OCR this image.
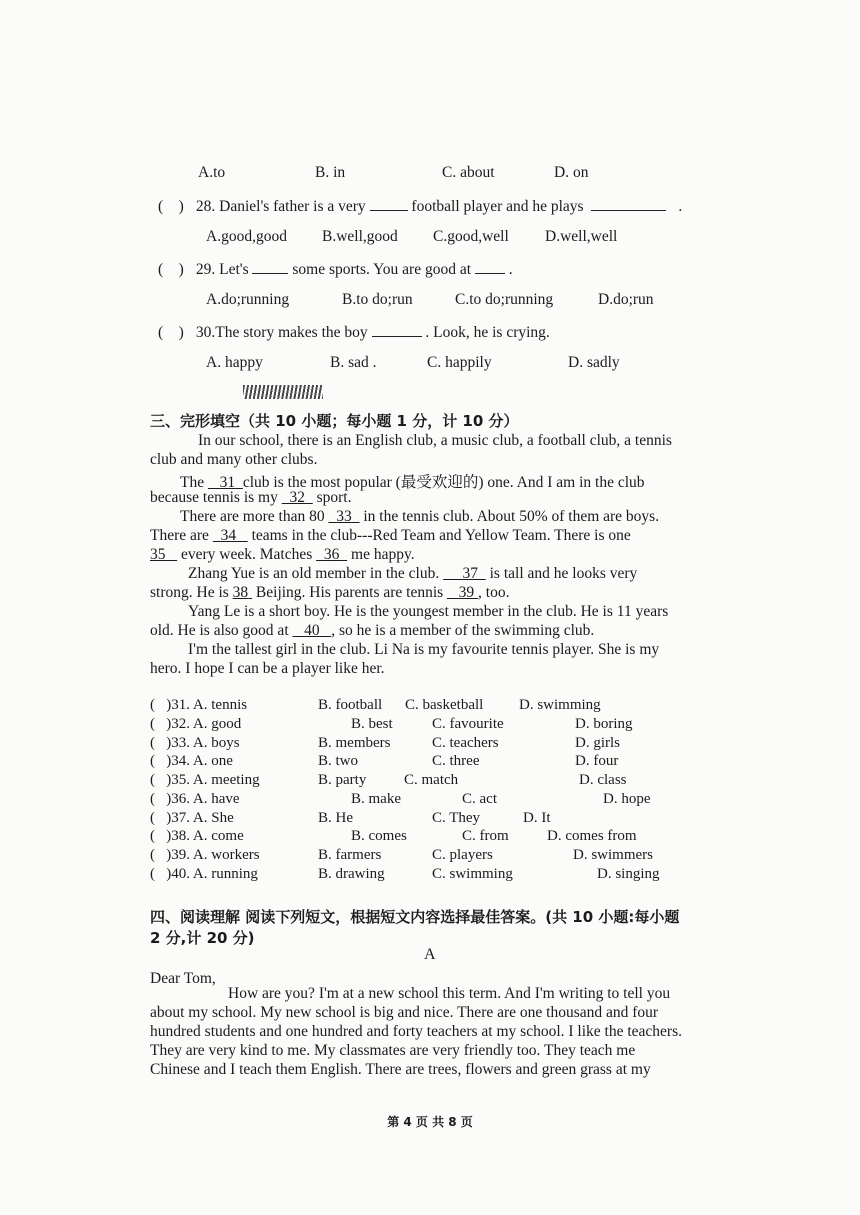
A.to	B. in	C. about	D. on
( ) 28. Daniel's father is a very	football player and he plays	.
A.good,good B.well,good C.good,well D.well,well
( ) 29. Let's	some sports. You are good at .
A.do;running	B.to do;run	C.to do;running	D.do;run
( ) 30.The story makes the boy	. Look, he is crying.
A. happy	B. sad .	C. happily	D. sadly
三、完形填空（共 10 小题；每小题 1 分，计 10 分）
In our school, there is an English club, a music club, a football club, a tennis
club and many other clubs.
The 31 club is the most popular (最受欢迎的) one. And I am in the club
because tennis is my 32 sport.
There are more than 80 33 in the tennis club. About 50% of them are boys.
There are 34 teams in the club---Red Team and Yellow Team. There is one
35 every week. Matches 36 me happy.
Zhang Yue is an old member in the club. 37 is tall and he looks very
strong. He is 38 Beijing. His parents are tennis 39 , too.
Yang Le is a short boy. He is the youngest member in the club. He is 11 years
old. He is also good at 40 , so he is a member of the swimming club.
I'm the tallest girl in the club. Li Na is my favourite tennis player. She is my
hero. I hope I can be a player like her.
(   )31. A. tennis	B. football C. basketball D. swimming
(   )32. A. good	B. best	C. favourite	D. boring
(   )33. A. boys	B. members	C. teachers	D. girls
(   )34. A. one	B. two	C. three	D. four
(   )35. A. meeting	B. party	C. match	D. class
(   )36. A. have	B. make	C. act	D. hope
(   )37. A. She	B. He	C. They	D. It
(   )38. A. come	B. comes	C. from	D. comes from
(   )39. A. workers	B. farmers	C. players	D. swimmers
(   )40. A. running	B. drawing	C. swimming	D. singing
四、阅读理解 阅读下列短文，根据短文内容选择最佳答案。(共 10 小题:每小题
2 分,计 20 分)
A
Dear Tom,
How are you? I'm at a new school this term. And I'm writing to tell you
about my school. My new school is big and nice. There are one thousand and four
hundred students and one hundred and forty teachers at my school. I like the teachers.
They are very kind to me. My classmates are very friendly too. They teach me
Chinese and I teach them English. There are trees, flowers and green grass at my
第 4 页 共 8 页
